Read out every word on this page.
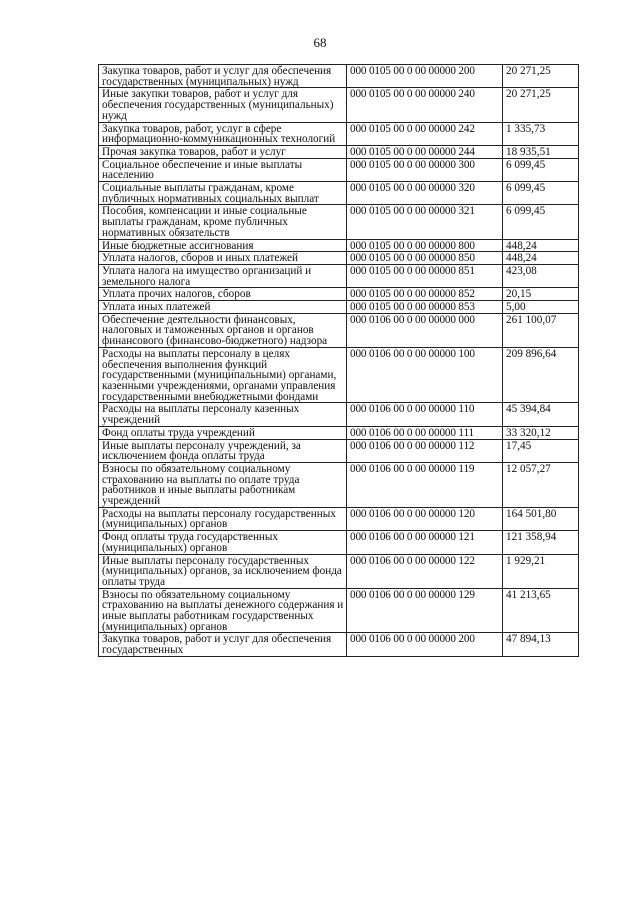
68
Закупка товаров, работ и услуг для обеспечения государственных (муниципальных) нужд	000 0105 00 0 00 00000 200	20 271,25
Иные закупки товаров, работ и услуг для обеспечения государственных (муниципальных) нужд	000 0105 00 0 00 00000 240	20 271,25
Закупка товаров, работ, услуг в сфере информационно-коммуникационных технологий	000 0105 00 0 00 00000 242	1 335,73
Прочая закупка товаров, работ и услуг	000 0105 00 0 00 00000 244	18 935,51
Социальное обеспечение и иные выплаты населению	000 0105 00 0 00 00000 300	6 099,45
Социальные выплаты гражданам, кроме публичных нормативных социальных выплат	000 0105 00 0 00 00000 320	6 099,45
Пособия, компенсации и иные социальные выплаты гражданам, кроме публичных нормативных обязательств	000 0105 00 0 00 00000 321	6 099,45
Иные бюджетные ассигнования	000 0105 00 0 00 00000 800	448,24
Уплата налогов, сборов и иных платежей	000 0105 00 0 00 00000 850	448,24
Уплата налога на имущество организаций и земельного налога	000 0105 00 0 00 00000 851	423,08
Уплата прочих налогов, сборов	000 0105 00 0 00 00000 852	20,15
Уплата иных платежей	000 0105 00 0 00 00000 853	5,00
Обеспечение деятельности финансовых, налоговых и таможенных органов и органов финансового (финансово-бюджетного) надзора	000 0106 00 0 00 00000 000	261 100,07
Расходы на выплаты персоналу в целях обеспечения выполнения функций государственными (муниципальными) органами, казенными учреждениями, органами управления государственными внебюджетными фондами	000 0106 00 0 00 00000 100	209 896,64
Расходы на выплаты персоналу казенных учреждений	000 0106 00 0 00 00000 110	45 394,84
Фонд оплаты труда учреждений	000 0106 00 0 00 00000 111	33 320,12
Иные выплаты персоналу учреждений, за исключением фонда оплаты труда	000 0106 00 0 00 00000 112	17,45
Взносы по обязательному социальному страхованию на выплаты по оплате труда работников и иные выплаты работникам учреждений	000 0106 00 0 00 00000 119	12 057,27
Расходы на выплаты персоналу государственных (муниципальных) органов	000 0106 00 0 00 00000 120	164 501,80
Фонд оплаты труда государственных (муниципальных) органов	000 0106 00 0 00 00000 121	121 358,94
Иные выплаты персоналу государственных (муниципальных) органов, за исключением фонда оплаты труда	000 0106 00 0 00 00000 122	1 929,21
Взносы по обязательному социальному страхованию на выплаты денежного содержания и иные выплаты работникам государственных (муниципальных) органов	000 0106 00 0 00 00000 129	41 213,65
Закупка товаров, работ и услуг для обеспечения государственных	000 0106 00 0 00 00000 200	47 894,13
